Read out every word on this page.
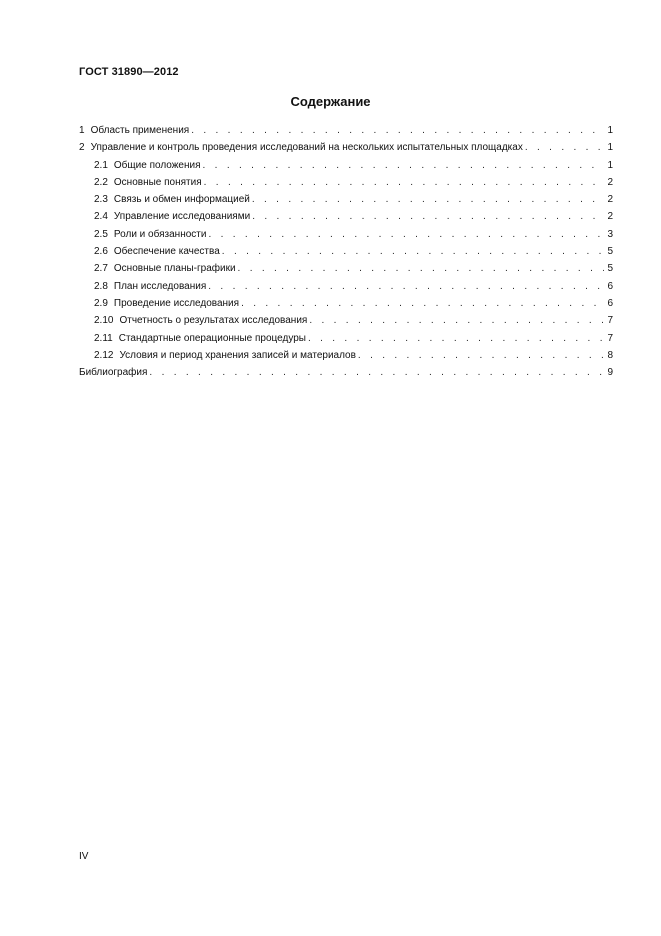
ГОСТ 31890—2012
Содержание
1 Область применения . . .	1
2 Управление и контроль проведения исследований на нескольких испытательных площадках . . .	1
2.1 Общие положения . . .	1
2.2 Основные понятия . . .	2
2.3 Связь и обмен информацией . . .	2
2.4 Управление исследованиями . . .	2
2.5 Роли и обязанности . . .	3
2.6 Обеспечение качества . . .	5
2.7 Основные планы-графики . . .	5
2.8 План исследования . . .	6
2.9 Проведение исследования . . .	6
2.10 Отчетность о результатах исследования . . .	7
2.11 Стандартные операционные процедуры . . .	7
2.12 Условия и период хранения записей и материалов . . .	8
Библиография . . .	9
IV
